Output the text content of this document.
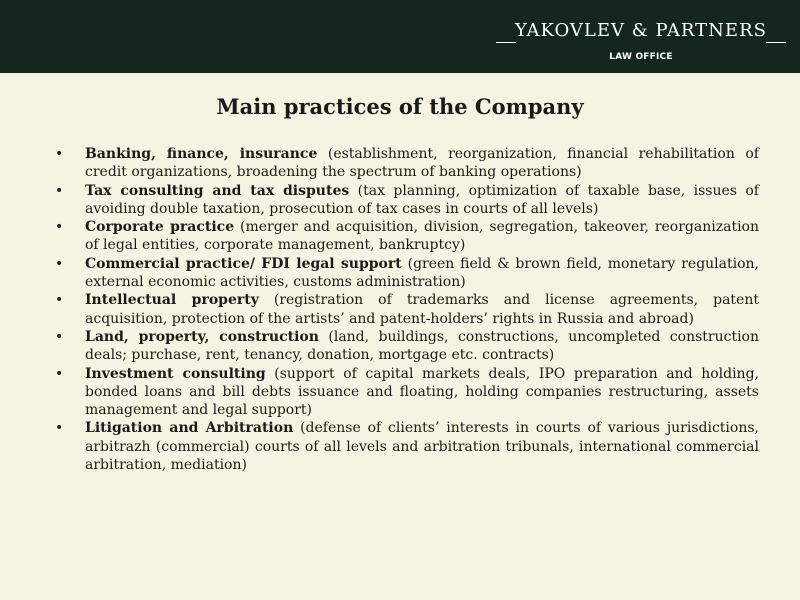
YAKOVLEV & PARTNERS
LAW OFFICE
Main practices of the Company
•	Banking, finance, insurance (establishment, reorganization, financial rehabilitation of credit organizations, broadening the spectrum of banking operations)
•	Tax consulting and tax disputes (tax planning, optimization of taxable base, issues of avoiding double taxation, prosecution of tax cases in courts of all levels)
•	Corporate practice (merger and acquisition, division, segregation, takeover, reorganization of legal entities, corporate management, bankruptcy)
•	Commercial practice/ FDI legal support (green field & brown field, monetary regulation, external economic activities, customs administration)
•	Intellectual property (registration of trademarks and license agreements, patent acquisition, protection of the artists’ and patent-holders’ rights in Russia and abroad)
•	Land, property, construction (land, buildings, constructions, uncompleted construction deals; purchase, rent, tenancy, donation, mortgage etc. contracts)
•	Investment consulting (support of capital markets deals, IPO preparation and holding, bonded loans and bill debts issuance and floating, holding companies restructuring, assets management and legal support)
•	Litigation and Arbitration (defense of clients’ interests in courts of various jurisdictions, arbitrazh (commercial) courts of all levels and arbitration tribunals, international commercial arbitration, mediation)
